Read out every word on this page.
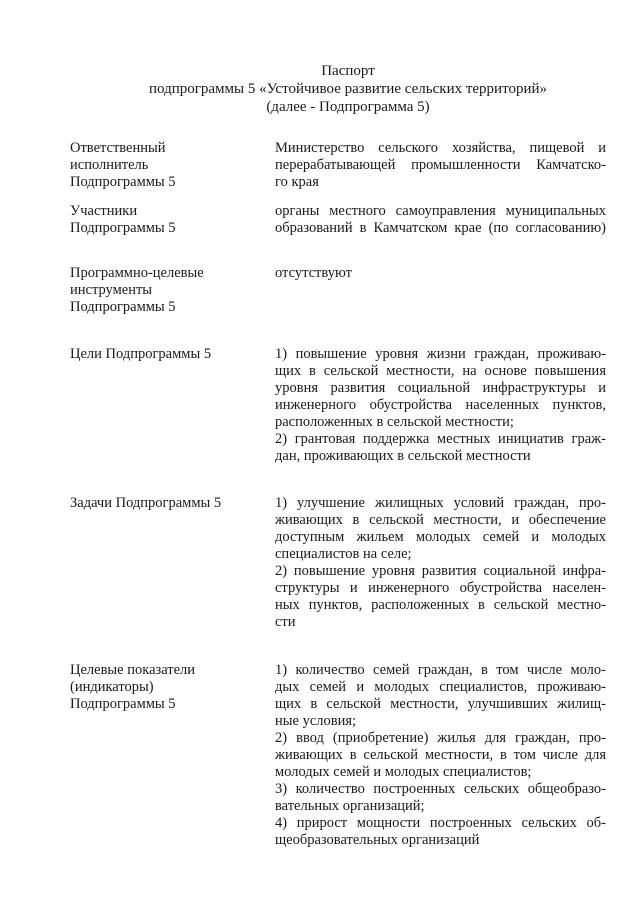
Паспорт
подпрограммы 5 «Устойчивое развитие сельских территорий»
(далее - Подпрограмма 5)
Ответственный
исполнитель
Подпрограммы 5
Министерство сельского хозяйства, пищевой и
перерабатывающей промышленности Камчатско-
го края
Участники
Подпрограммы 5
органы местного самоуправления муниципальных
образований в Камчатском крае (по согласованию)
Программно-целевые
инструменты
Подпрограммы 5
отсутствуют
Цели Подпрограммы 5	1) повышение уровня жизни граждан, проживаю-
щих в сельской местности, на основе повышения
уровня развития социальной инфраструктуры и
инженерного обустройства населенных пунктов,
расположенных в сельской местности;
2) грантовая поддержка местных инициатив граж-
дан, проживающих в сельской местности
Задачи Подпрограммы 5	1) улучшение жилищных условий граждан, про-
живающих в сельской местности, и обеспечение
доступным жильем молодых семей и молодых
специалистов на селе;
2) повышение уровня развития социальной инфра-
структуры и инженерного обустройства населен-
ных пунктов, расположенных в сельской местно-
сти
Целевые показатели
(индикаторы)
Подпрограммы 5
1) количество семей граждан, в том числе моло-
дых семей и молодых специалистов, проживаю-
щих в сельской местности, улучшивших жилищ-
ные условия;
2) ввод (приобретение) жилья для граждан, про-
живающих в сельской местности, в том числе для
молодых семей и молодых специалистов;
3) количество построенных сельских общеобразо-
вательных организаций;
4) прирост мощности построенных сельских об-
щеобразовательных организаций
